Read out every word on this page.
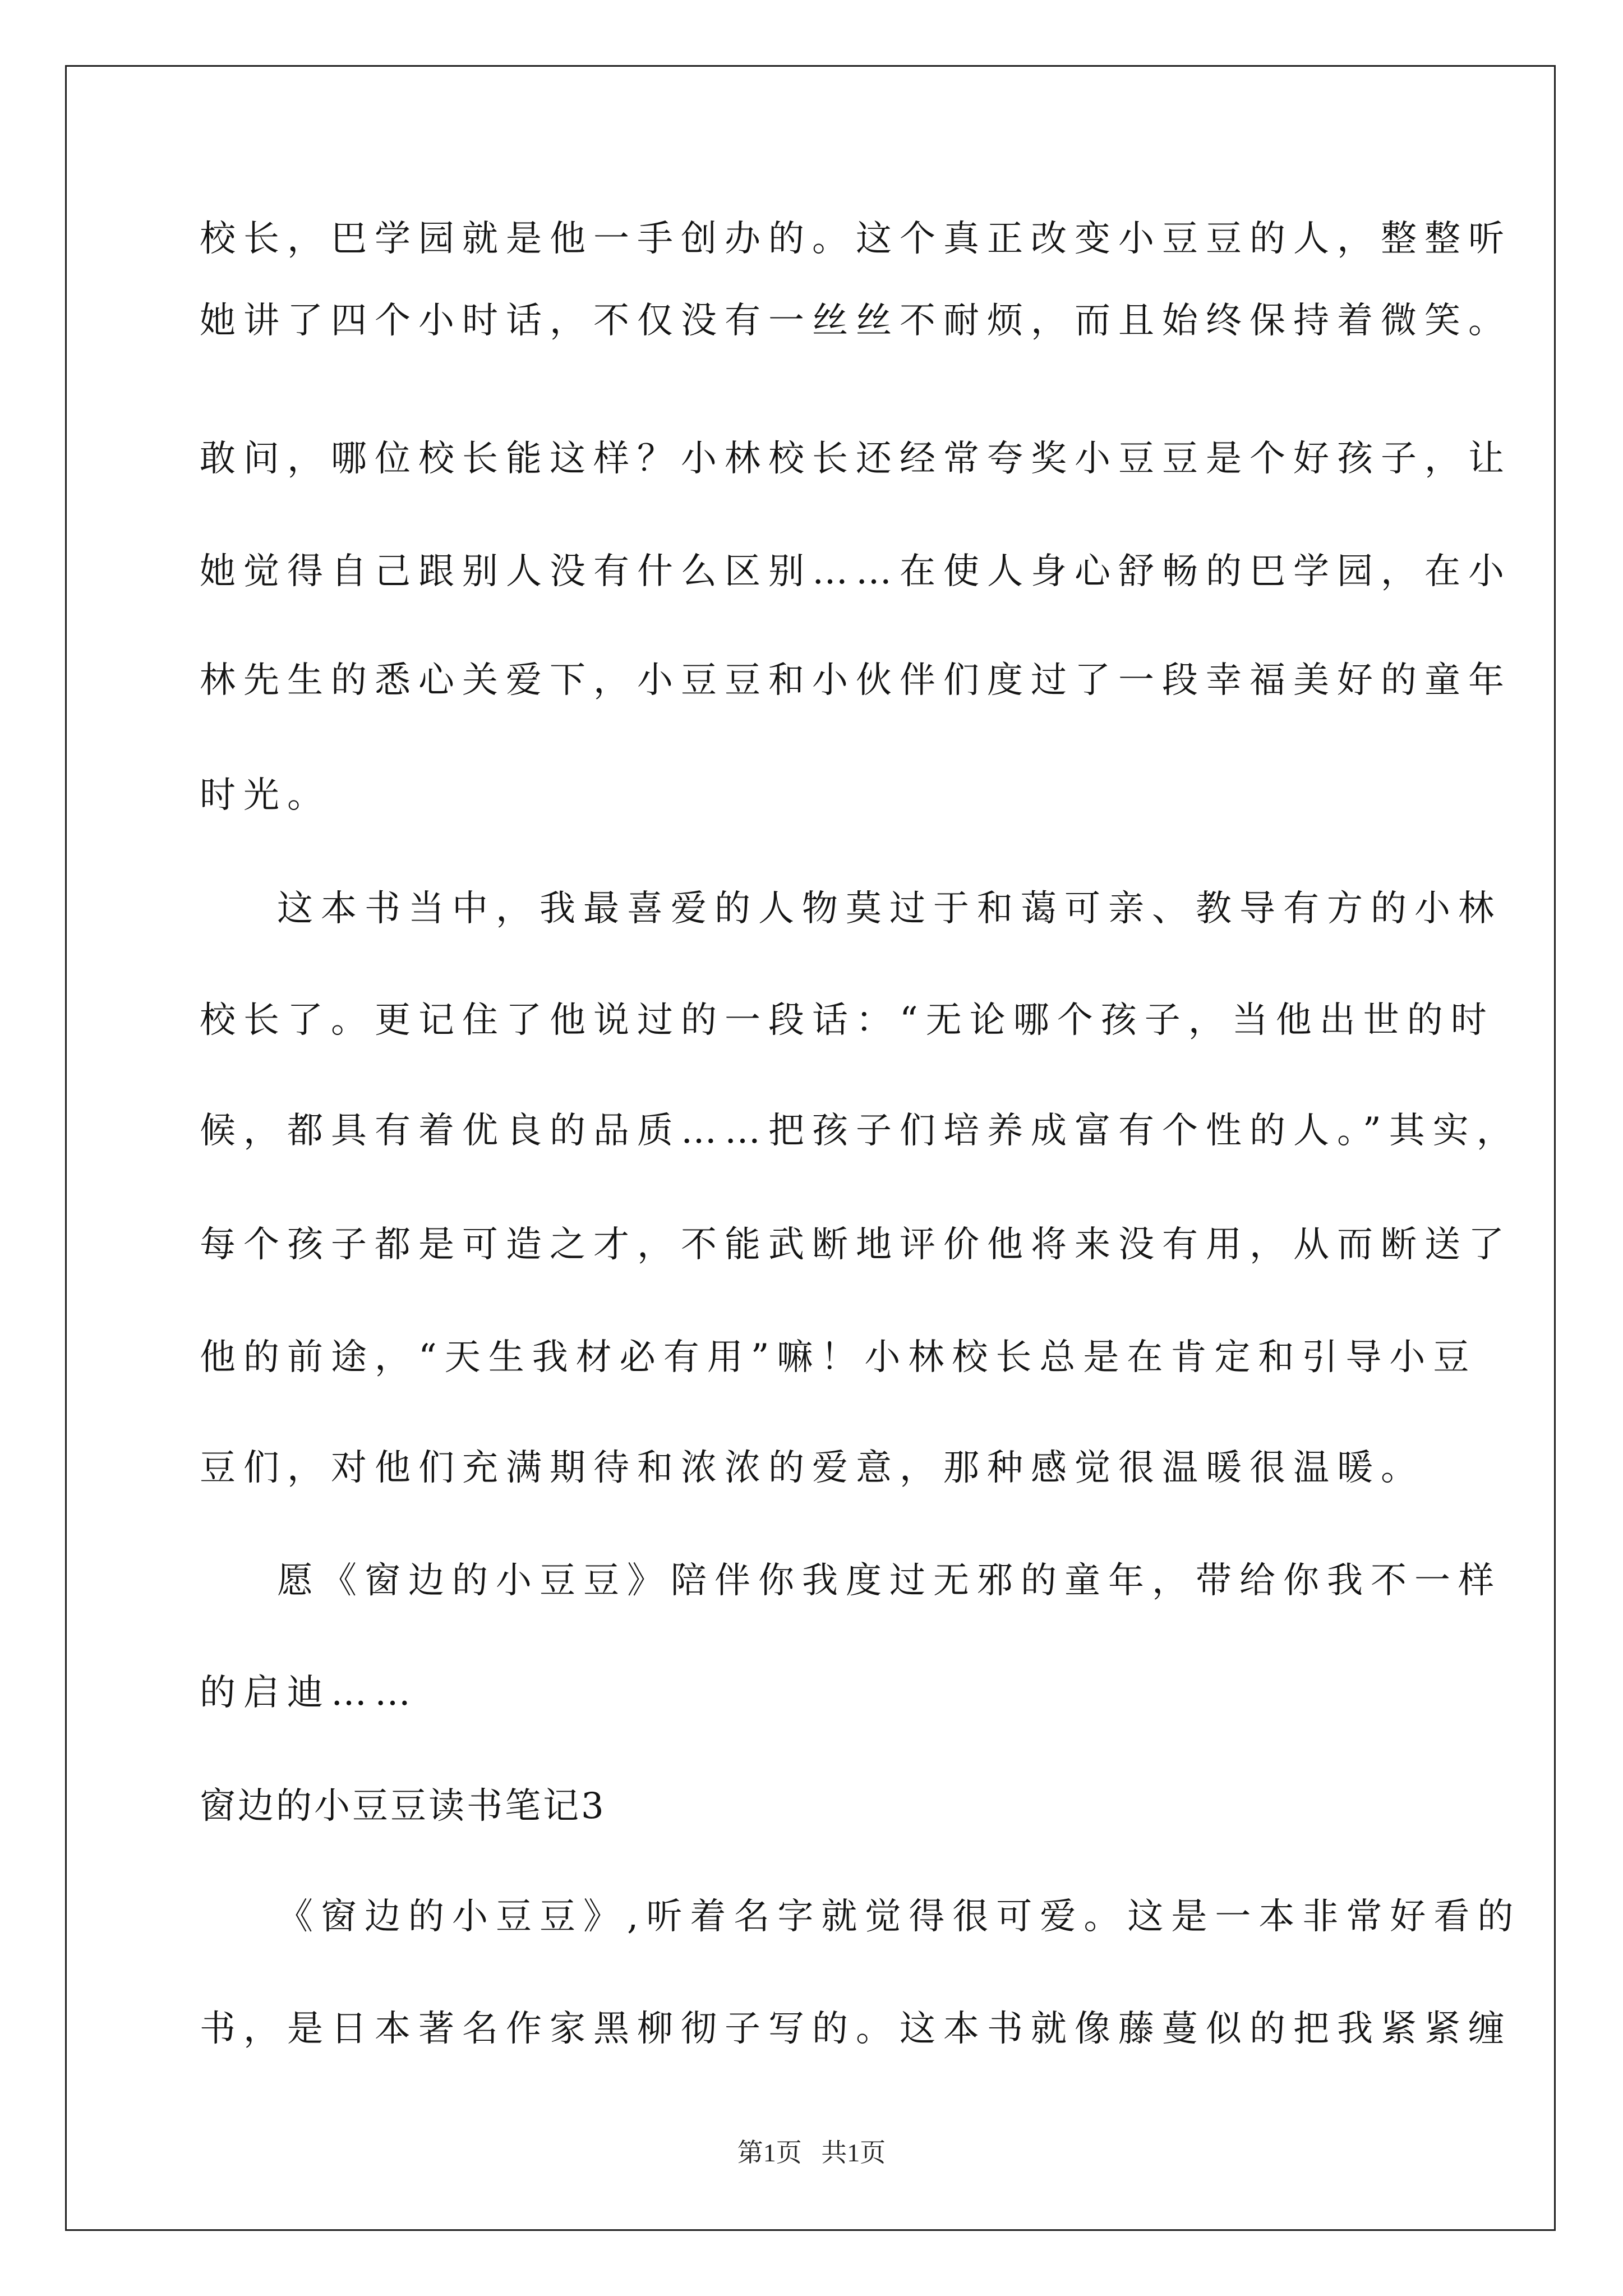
校长，巴学园就是他一手创办的。这个真正改变小豆豆的人，整整听
她讲了四个小时话，不仅没有一丝丝不耐烦，而且始终保持着微笑。
敢问，哪位校长能这样？小林校长还经常夸奖小豆豆是个好孩子，让
她觉得自己跟别人没有什么区别……在使人身心舒畅的巴学园，在小
林先生的悉心关爱下，小豆豆和小伙伴们度过了一段幸福美好的童年
时光。
这本书当中，我最喜爱的人物莫过于和蔼可亲、教导有方的小林
校长了。更记住了他说过的一段话：“无论哪个孩子，当他出世的时
候，都具有着优良的品质……把孩子们培养成富有个性的人。”其实，
每个孩子都是可造之才，不能武断地评价他将来没有用，从而断送了
他的前途，“天生我材必有用”嘛！小林校长总是在肯定和引导小豆
豆们，对他们充满期待和浓浓的爱意，那种感觉很温暖很温暖。
愿《窗边的小豆豆》陪伴你我度过无邪的童年，带给你我不一样
的启迪……
窗边的小豆豆读书笔记3
《窗边的小豆豆》,听着名字就觉得很可爱。这是一本非常好看的
书，是日本著名作家黑柳彻子写的。这本书就像藤蔓似的把我紧紧缠
第1页   共1页
